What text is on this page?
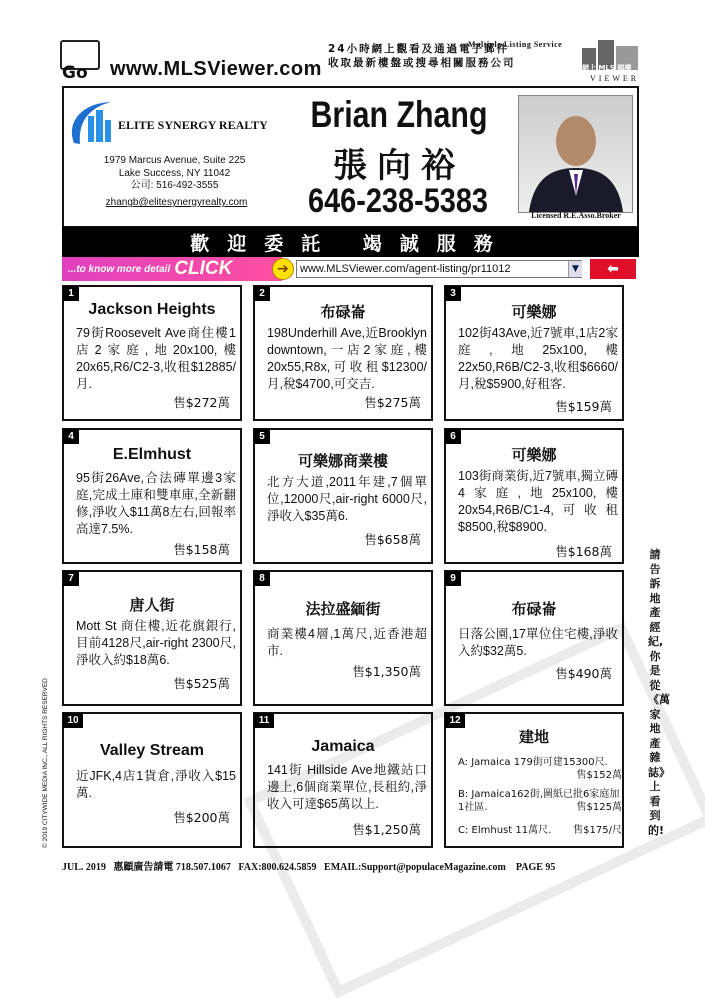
Go www.MLSViewer.com
24小時網上觀看及通過電子郵件
收取最新樓盤或搜尋相關服務公司
Multiple Listing Service
網上 MLS 睇樓
VIEWER
ELITE SYNERGY REALTY
1979 Marcus Avenue, Suite 225
Lake Success, NY 11042
公司: 516-492-3555
zhangb@elitesynergyrealty.com
Brian Zhang
張向裕
646-238-5383	Licensed R.E.Asso.Broker
歡迎委託 竭誠服務
...to know more detail CLICK	➔	www.MLSViewer.com/agent-listing/pr11012	▼	⬅
1
Jackson Heights
79街Roosevelt Ave商住樓1店2家庭,地20x100,樓20x65,R6/C2-3,收租$12885/月.
售$272萬
2
布碌崙
198Underhill Ave,近Brooklyn downtown,一店2家庭,樓20x55,R8x,可收租$12300/月,稅$4700,可交吉.
售$275萬
3
可樂娜
102街43Ave,近7號車,1店2家庭,地25x100,樓22x50,R6B/C2-3,收租$6660/月,稅$5900,好租客.
售$159萬
4
E.Elmhust
95街26Ave,合法磚單邊3家庭,完成土庫和雙車庫,全新翻修,淨收入$11萬8左右,回報率高達7.5%.
售$158萬
5
可樂娜商業樓
北方大道,2011年建,7個單位,12000尺,air-right 6000尺,淨收入$35萬6.
售$658萬
6
可樂娜
103街商業街,近7號車,獨立磚4家庭,地25x100,樓20x54,R6B/C1-4,可收租$8500,稅$8900.
售$168萬
7
唐人街
Mott St 商住樓,近花旗銀行,目前4128尺,air-right 2300尺,淨收入約$18萬6.
售$525萬
8
法拉盛緬街
商業樓4層,1萬尺,近香港超市.
售$1,350萬
9
布碌崙
日落公園,17單位住宅樓,淨收入約$32萬5.
售$490萬
10
Valley Stream
近JFK,4店1貨倉,淨收入$15萬.
售$200萬
11
Jamaica
141街 Hillside Ave地鐵站口邊上,6個商業單位,長租約,淨收入可達$65萬以上.
售$1,250萬
12
建地
A: Jamaica 179街可建15300尺.
售$152萬
B: Jamaica162街,圖紙已批6家庭加1社區.	售$125萬
C: Elmhust 11萬尺. 售$175/尺
請告訴地產經紀,你是從《萬家地產雜誌》上看到的!
© 2019 CITYWIDE MEDIA INC., ALL RIGHTS RESERVED
JUL. 2019 惠顧廣告請電 718.507.1067 FAX:800.624.5859 EMAIL:Support@populaceMagazine.com PAGE 95
